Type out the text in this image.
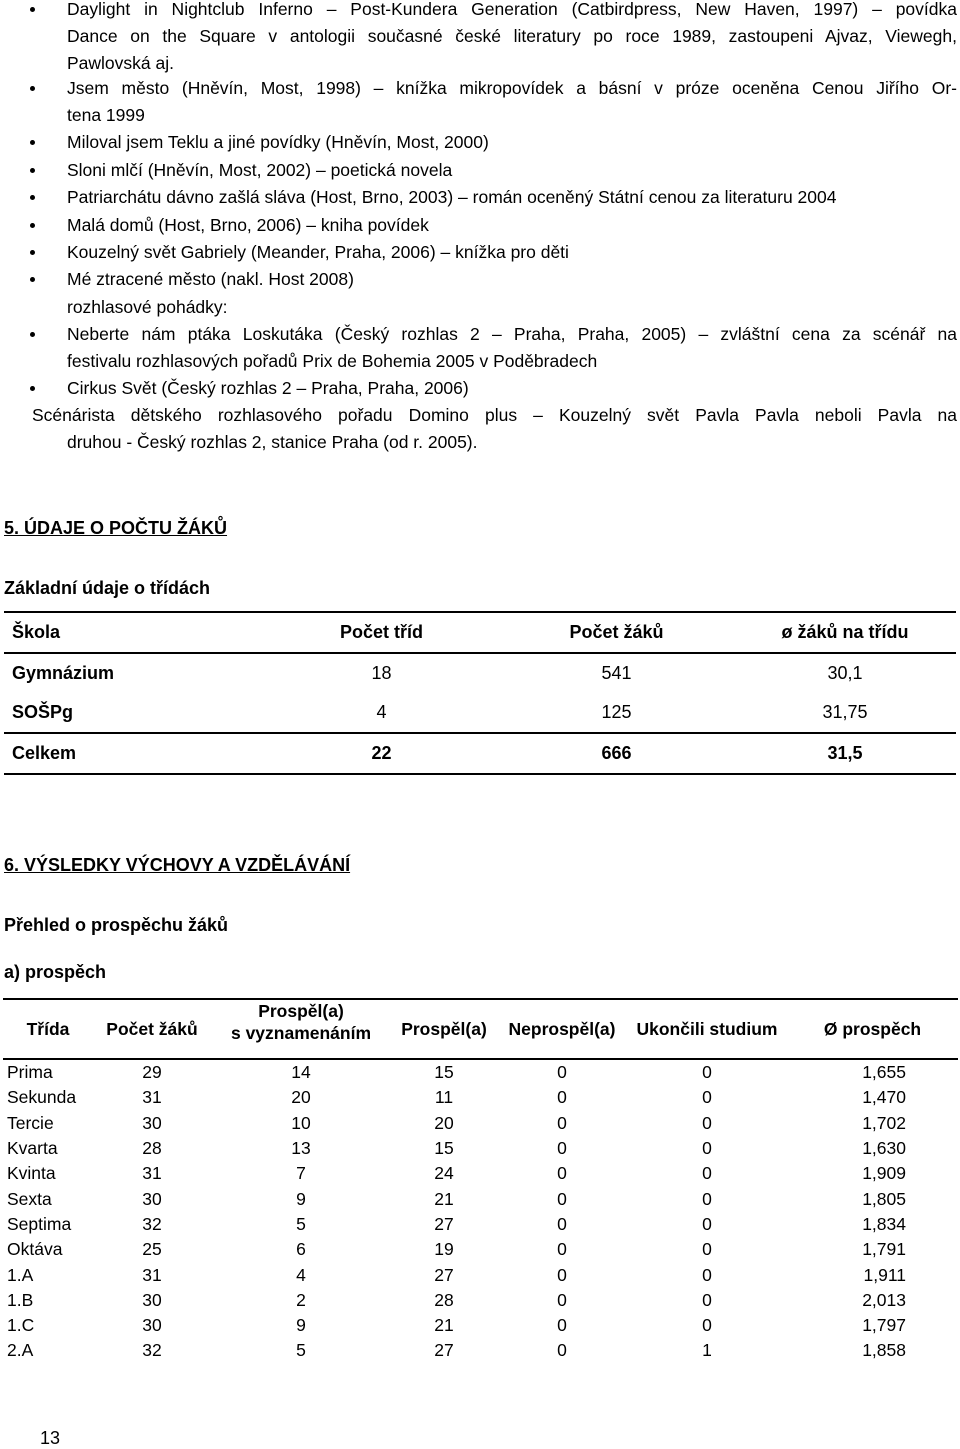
Daylight in Nightclub Inferno – Post-Kundera Generation (Catbirdpress, New Haven, 1997) – povídka
Dance on the Square v antologii současné české literatury po roce 1989, zastoupeni Ajvaz, Viewegh,
Pawlovská aj.
Jsem město (Hněvín, Most, 1998) – knížka mikropovídek a básní v próze oceněna Cenou Jiřího Or-
tena 1999
Miloval jsem Teklu a jiné povídky (Hněvín, Most, 2000)
Sloni mlčí (Hněvín, Most, 2002) – poetická novela
Patriarchátu dávno zašlá sláva (Host, Brno, 2003) – román oceněný Státní cenou za literaturu 2004
Malá domů (Host, Brno, 2006) – kniha povídek
Kouzelný svět Gabriely (Meander, Praha, 2006) – knížka pro děti
Mé ztracené město (nakl. Host 2008)
rozhlasové pohádky:
Neberte nám ptáka Loskutáka (Český rozhlas 2 – Praha, Praha, 2005) – zvláštní cena za scénář na
festivalu rozhlasových pořadů Prix de Bohemia 2005 v Poděbradech
Cirkus Svět (Český rozhlas 2 – Praha, Praha, 2006)
Scénárista dětského rozhlasového pořadu Domino plus – Kouzelný svět Pavla Pavla neboli Pavla na
druhou - Český rozhlas 2, stanice Praha (od r. 2005).
5. ÚDAJE O POČTU ŽÁKŮ
Základní údaje o třídách
Škola	Počet tříd	Počet žáků	ø žáků na třídu
Gymnázium	18	541	30,1
SOŠPg	4	125	31,75
Celkem	22	666	31,5
6. VÝSLEDKY VÝCHOVY A VZDĚLÁVÁNÍ
Přehled o prospěchu žáků
a) prospěch
Třída	Počet žáků	Prospěl(a)
s vyznamenáním	Prospěl(a)	Neprospěl(a)	Ukončili studium	Ø prospěch
Prima	29	14	15	0	0	1,655
Sekunda	31	20	11	0	0	1,470
Tercie	30	10	20	0	0	1,702
Kvarta	28	13	15	0	0	1,630
Kvinta	31	7	24	0	0	1,909
Sexta	30	9	21	0	0	1,805
Septima	32	5	27	0	0	1,834
Oktáva	25	6	19	0	0	1,791
1.A	31	4	27	0	0	1,911
1.B	30	2	28	0	0	2,013
1.C	30	9	21	0	0	1,797
2.A	32	5	27	0	1	1,858
13
